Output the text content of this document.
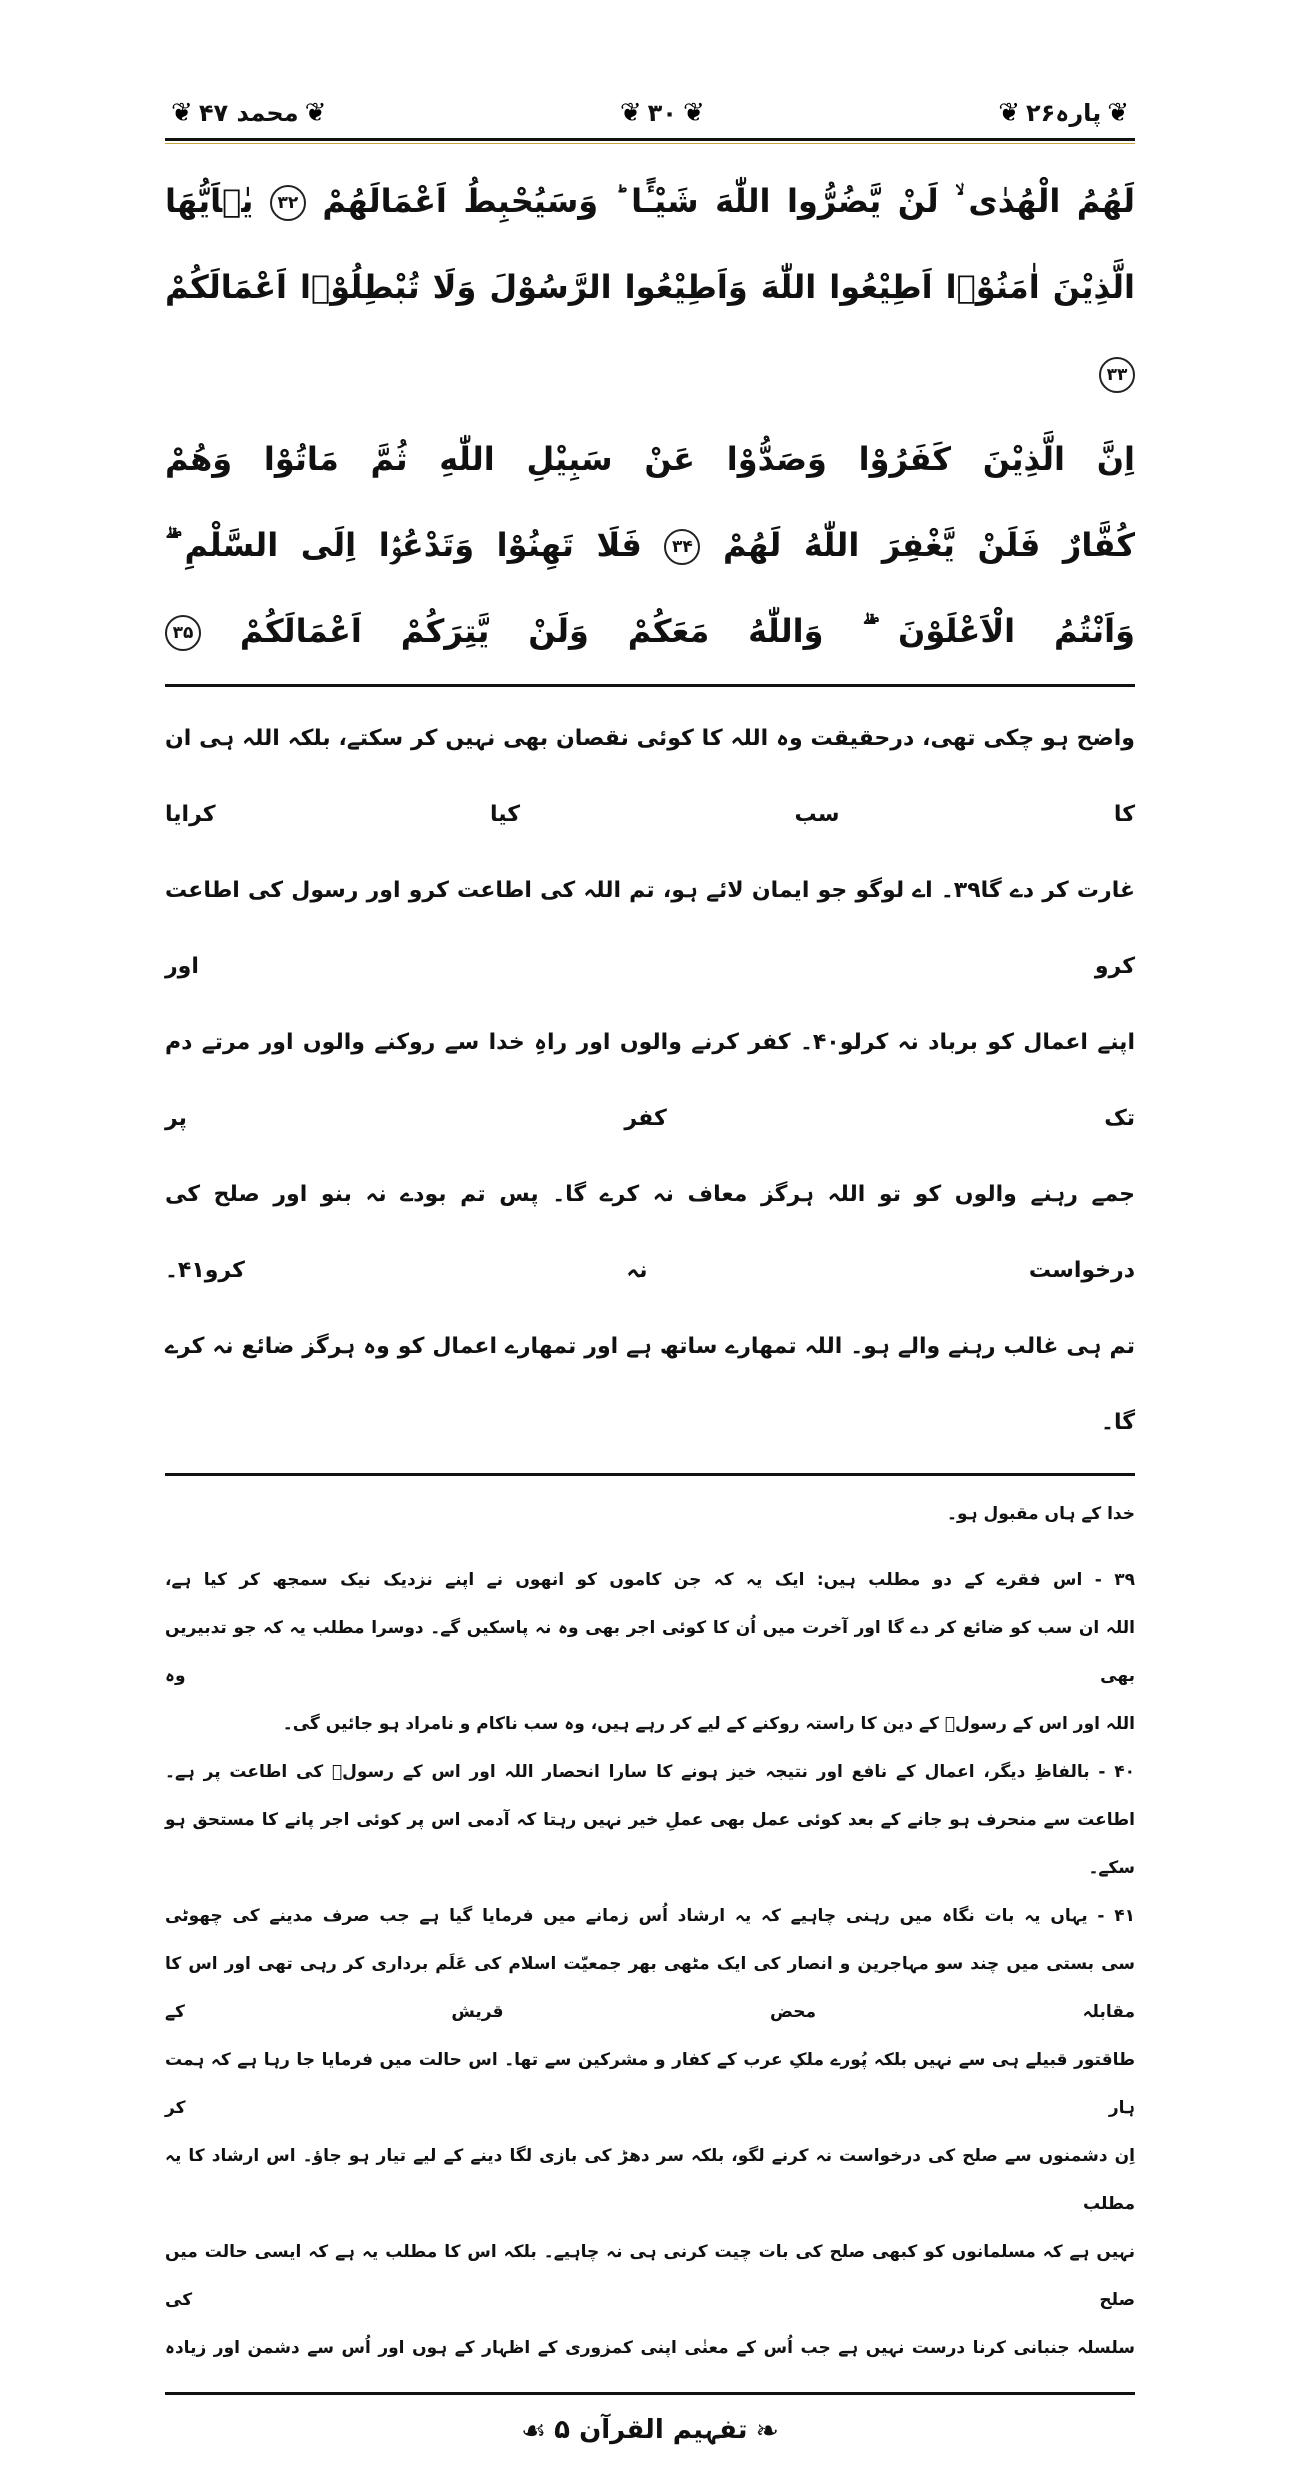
❦
پارہ۲۶
❦
❦
۳۰
❦
❦
محمد ۴۷
❦
لَهُمُ الْهُدٰى ۙ لَنْ يَّضُرُّوا اللّٰهَ شَيْـًٔا ؕ وَسَيُحْبِطُ اَعْمَالَهُمْ ۳۲ يٰۤاَيُّهَا
الَّذِيْنَ اٰمَنُوْۤا اَطِيْعُوا اللّٰهَ وَاَطِيْعُوا الرَّسُوْلَ وَلَا تُبْطِلُوْۤا اَعْمَالَكُمْ ۳۳
اِنَّ الَّذِيْنَ كَفَرُوْا وَصَدُّوْا عَنْ سَبِيْلِ اللّٰهِ ثُمَّ مَاتُوْا وَهُمْ
كُفَّارٌ فَلَنْ يَّغْفِرَ اللّٰهُ لَهُمْ ۳۴ فَلَا تَهِنُوْا وَتَدْعُوْۤا اِلَى السَّلْمِ ۖۗ
وَاَنْتُمُ الْاَعْلَوْنَ ۖۗ وَاللّٰهُ مَعَكُمْ وَلَنْ يَّتِرَكُمْ اَعْمَالَكُمْ ۳۵
واضح ہو چکی تھی، درحقیقت وہ اللہ کا کوئی نقصان بھی نہیں کر سکتے، بلکہ اللہ ہی ان کا سب کیا کرایا
غارت کر دے گا۳۹۔ اے لوگو جو ایمان لائے ہو، تم اللہ کی اطاعت کرو اور رسول کی اطاعت کرو اور
اپنے اعمال کو برباد نہ کرلو۴۰۔ کفر کرنے والوں اور راہِ خدا سے روکنے والوں اور مرتے دم تک کفر پر
جمے رہنے والوں کو تو اللہ ہرگز معاف نہ کرے گا۔ پس تم بودے نہ بنو اور صلح کی درخواست نہ کرو۴۱۔
تم ہی غالب رہنے والے ہو۔ اللہ تمھارے ساتھ ہے اور تمھارے اعمال کو وہ ہرگز ضائع نہ کرے گا۔
خدا کے ہاں مقبول ہو۔
۳۹ - اس فقرے کے دو مطلب ہیں: ایک یہ کہ جن کاموں کو انھوں نے اپنے نزدیک نیک سمجھ کر کیا ہے،
اللہ ان سب کو ضائع کر دے گا اور آخرت میں اُن کا کوئی اجر بھی وہ نہ پاسکیں گے۔ دوسرا مطلب یہ کہ جو تدبیریں بھی وہ
اللہ اور اس کے رسولؐ کے دین کا راستہ روکنے کے لیے کر رہے ہیں، وہ سب ناکام و نامراد ہو جائیں گی۔
۴۰ - بالفاظِ دیگر، اعمال کے نافع اور نتیجہ خیز ہونے کا سارا انحصار اللہ اور اس کے رسولؐ کی اطاعت پر ہے۔
اطاعت سے منحرف ہو جانے کے بعد کوئی عمل بھی عملِ خیر نہیں رہتا کہ آدمی اس پر کوئی اجر پانے کا مستحق ہو سکے۔
۴۱ - یہاں یہ بات نگاہ میں رہنی چاہیے کہ یہ ارشاد اُس زمانے میں فرمایا گیا ہے جب صرف مدینے کی چھوٹی
سی بستی میں چند سو مہاجرین و انصار کی ایک مٹھی بھر جمعیّت اسلام کی عَلَم برداری کر رہی تھی اور اس کا مقابلہ محض قریش کے
طاقتور قبیلے ہی سے نہیں بلکہ پُورے ملکِ عرب کے کفار و مشرکین سے تھا۔ اس حالت میں فرمایا جا رہا ہے کہ ہمت ہار کر
اِن دشمنوں سے صلح کی درخواست نہ کرنے لگو، بلکہ سر دھڑ کی بازی لگا دینے کے لیے تیار ہو جاؤ۔ اس ارشاد کا یہ مطلب
نہیں ہے کہ مسلمانوں کو کبھی صلح کی بات چیت کرنی ہی نہ چاہیے۔ بلکہ اس کا مطلب یہ ہے کہ ایسی حالت میں صلح کی
سلسلہ جنبانی کرنا درست نہیں ہے جب اُس کے معنٰی اپنی کمزوری کے اظہار کے ہوں اور اُس سے دشمن اور زیادہ
❧
تفہیم القرآن ۵
☙
